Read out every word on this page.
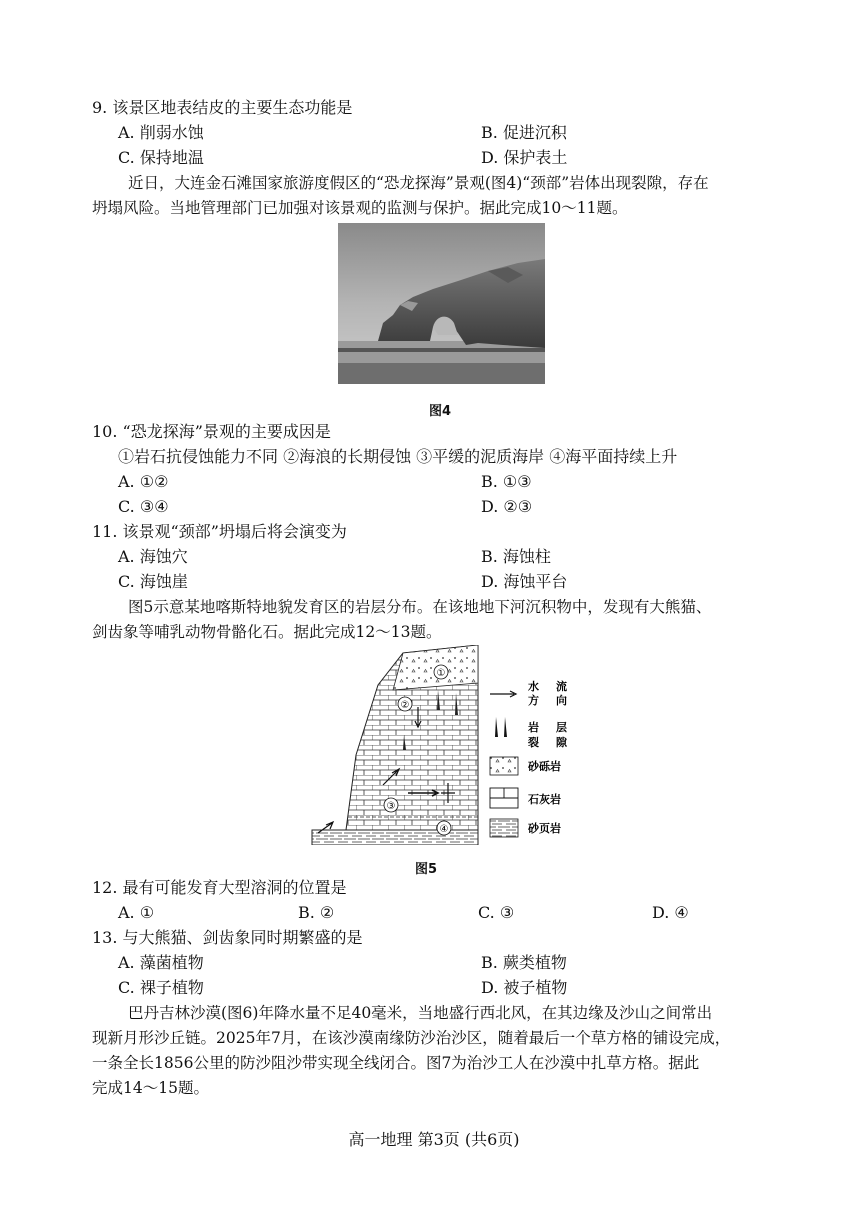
9. 该景区地表结皮的主要生态功能是
A. 削弱水蚀	B. 促进沉积
C. 保持地温	D. 保护表土
近日，大连金石滩国家旅游度假区的“恐龙探海”景观(图4)“颈部”岩体出现裂隙，存在
坍塌风险。当地管理部门已加强对该景观的监测与保护。据此完成10～11题。
图4
10. “恐龙探海”景观的主要成因是
①岩石抗侵蚀能力不同 ②海浪的长期侵蚀 ③平缓的泥质海岸 ④海平面持续上升
A. ①②	B. ①③
C. ③④	D. ②③
11. 该景观“颈部”坍塌后将会演变为
A. 海蚀穴	B. 海蚀柱
C. 海蚀崖	D. 海蚀平台
图5示意某地喀斯特地貌发育区的岩层分布。在该地地下河沉积物中，发现有大熊猫、
剑齿象等哺乳动物骨骼化石。据此完成12～13题。
①
②
③
④
水 流
方 向
岩 层
裂 隙
砂砾岩
石灰岩
砂页岩
图5
12. 最有可能发育大型溶洞的位置是
A. ①	B. ②	C. ③	D. ④
13. 与大熊猫、剑齿象同时期繁盛的是
A. 藻菌植物	B. 蕨类植物
C. 裸子植物	D. 被子植物
巴丹吉林沙漠(图6)年降水量不足40毫米，当地盛行西北风，在其边缘及沙山之间常出
现新月形沙丘链。2025年7月，在该沙漠南缘防沙治沙区，随着最后一个草方格的铺设完成，
一条全长1856公里的防沙阻沙带实现全线闭合。图7为治沙工人在沙漠中扎草方格。据此
完成14～15题。
高一地理 第3页 (共6页)
